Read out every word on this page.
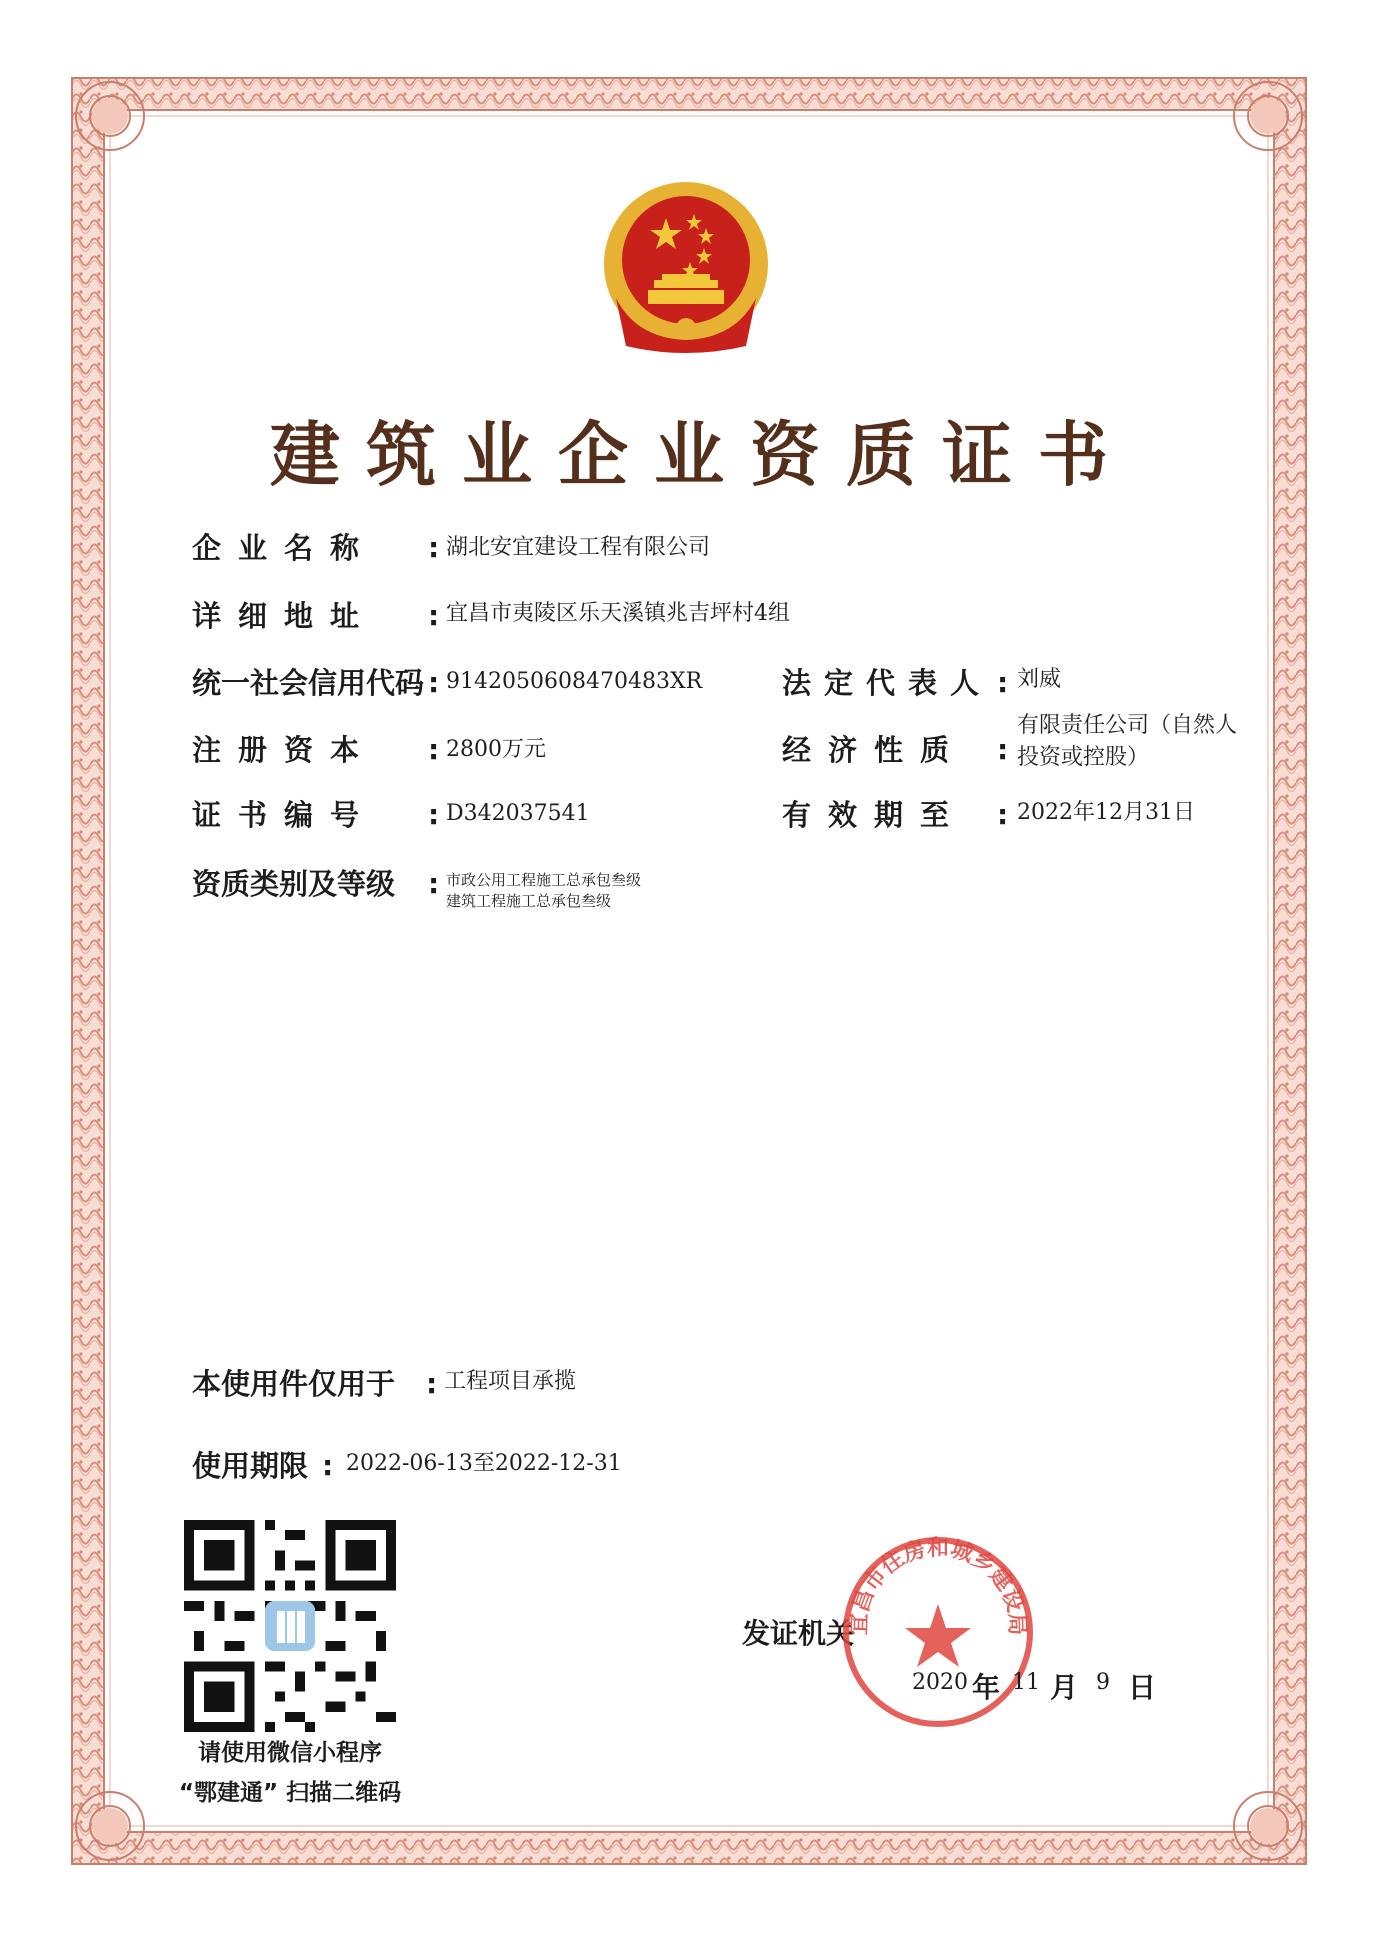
建筑业企业资质证书
企业名称 : 湖北安宜建设工程有限公司
详细地址 : 宜昌市夷陵区乐天溪镇兆吉坪村4组
统一社会信用代码 : 9142050608470483XR	法定代表人 : 刘威
注册资本 : 2800万元	经济性质 :
有限责任公司（自然人投资或控股）
证书编号 : D342037541	有效期至 : 2022年12月31日
资质类别及等级 : 市政公用工程施工总承包叁级
建筑工程施工总承包叁级
本使用件仅用于 : 工程项目承揽
使用期限 : 2022-06-13至2022-12-31
请使用微信小程序
“鄂建通” 扫描二维码
发证机关
宜昌市住房和城乡建设局
2020 年 11 月 9 日
